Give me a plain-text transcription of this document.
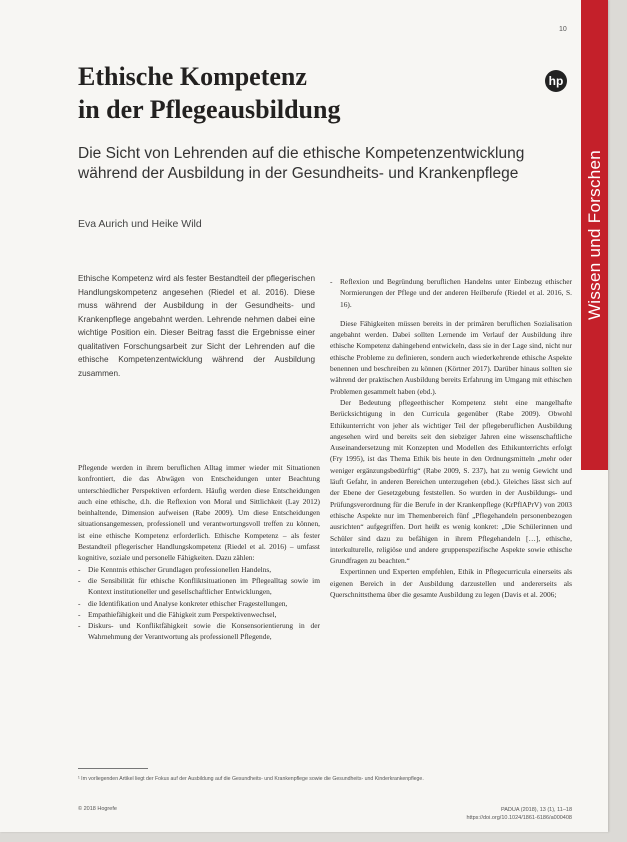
Wissen und Forschen
10
hp
Ethische Kompetenz
in der Pflegeausbildung
Die Sicht von Lehrenden auf die ethische Kompetenzentwicklung während der Ausbildung in der Gesundheits- und Krankenpflege
Eva Aurich und Heike Wild
Ethische Kompetenz wird als fester Bestandteil der pflegerischen Handlungskompetenz angesehen (Riedel et al. 2016). Diese muss während der Ausbildung in der Gesundheits- und Krankenpflege angebahnt werden. Lehrende nehmen dabei eine wichtige Position ein. Dieser Beitrag fasst die Ergebnisse einer qualitativen Forschungsarbeit zur Sicht der Lehrenden auf die ethische Kompetenzentwicklung während der Ausbildung zusammen.

Pflegende werden in ihrem beruflichen Alltag immer wieder mit Situationen konfrontiert, die das Abwägen von Entscheidungen unter Beachtung unterschiedlicher Perspektiven erfordern. Häufig werden diese Entscheidungen auch eine ethische, d.h. die Reflexion von Moral und Sittlichkeit (Lay 2012) beinhaltende, Dimension aufweisen (Rabe 2009). Um diese Entscheidungen situationsangemessen, professionell und verantwortungsvoll treffen zu können, ist eine ethische Kompetenz erforderlich. Ethische Kompetenz – als fester Bestandteil pflegerischer Handlungskompetenz (Riedel et al. 2016) – umfasst kognitive, soziale und personelle Fähigkeiten. Dazu zählen:

- Die Kenntnis ethischer Grundlagen professionellen Handelns,
- die Sensibilität für ethische Konfliktsituationen im Pflegealltag sowie im Kontext institutioneller und gesellschaftlicher Entwicklungen,
- die Identifikation und Analyse konkreter ethischer Fragestellungen,
- Empathiefähigkeit und die Fähigkeit zum Perspektivenwechsel,
- Diskurs- und Konfliktfähigkeit sowie die Konsensorientierung in der Wahrnehmung der Verantwortung als professionell Pflegende,
- Reflexion und Begründung beruflichen Handelns unter Einbezug ethischer Normierungen der Pflege und der anderen Heilberufe (Riedel et al. 2016, S. 16).

Diese Fähigkeiten müssen bereits in der primären beruflichen Sozialisation angebahnt werden. Dabei sollten Lernende im Verlauf der Ausbildung ihre ethische Kompetenz dahingehend entwickeln, dass sie in der Lage sind, nicht nur ethische Probleme zu definieren, sondern auch wiederkehrende ethische Aspekte benennen und beschreiben zu können (Körtner 2017). Darüber hinaus sollten sie während der praktischen Ausbildung bereits Erfahrung im Umgang mit ethischen Problemen gesammelt haben (ebd.).

Der Bedeutung pflegeethischer Kompetenz steht eine mangelhafte Berücksichtigung in den Curricula gegenüber (Rabe 2009). Obwohl Ethikunterricht von jeher als wichtiger Teil der pflegeberuflichen Ausbildung angesehen wird und bereits seit den siebziger Jahren eine wissenschaftliche Auseinandersetzung mit Konzepten und Modellen des Ethikunterrichts erfolgt (Fry 1995), ist das Thema Ethik bis heute in den Ordnungsmitteln „mehr oder weniger ergänzungsbedürftig“ (Rabe 2009, S. 237), hat zu wenig Gewicht und läuft Gefahr, in anderen Bereichen unterzugehen (ebd.). Gleiches lässt sich auf der Ebene der Gesetzgebung feststellen. So wurden in der Ausbildungs- und Prüfungsverordnung für die Berufe in der Krankenpflege (KrPflAPrV) von 2003 ethische Aspekte nur im Themenbereich fünf „Pflegehandeln personenbezogen ausrichten“ aufgegriffen. Dort heißt es wenig konkret: „Die Schülerinnen und Schüler sind dazu zu befähigen in ihrem Pflegehandeln […], ethische, interkulturelle, religiöse und andere gruppenspezifische Aspekte sowie ethische Grundfragen zu beachten.“

Expertinnen und Experten empfehlen, Ethik in Pflegecurricula einerseits als eigenen Bereich in der Ausbildung darzustellen und andererseits als Querschnittsthema über die gesamte Ausbildung zu legen (Davis et al. 2006;

¹ Im vorliegenden Artikel liegt der Fokus auf der Ausbildung auf die Gesundheits- und Krankenpflege sowie die Gesundheits- und Kinderkrankenpflege.
© 2018 Hogrefe	PADUA (2018), 13 (1), 11–18
https://doi.org/10.1024/1861-6186/a000408
